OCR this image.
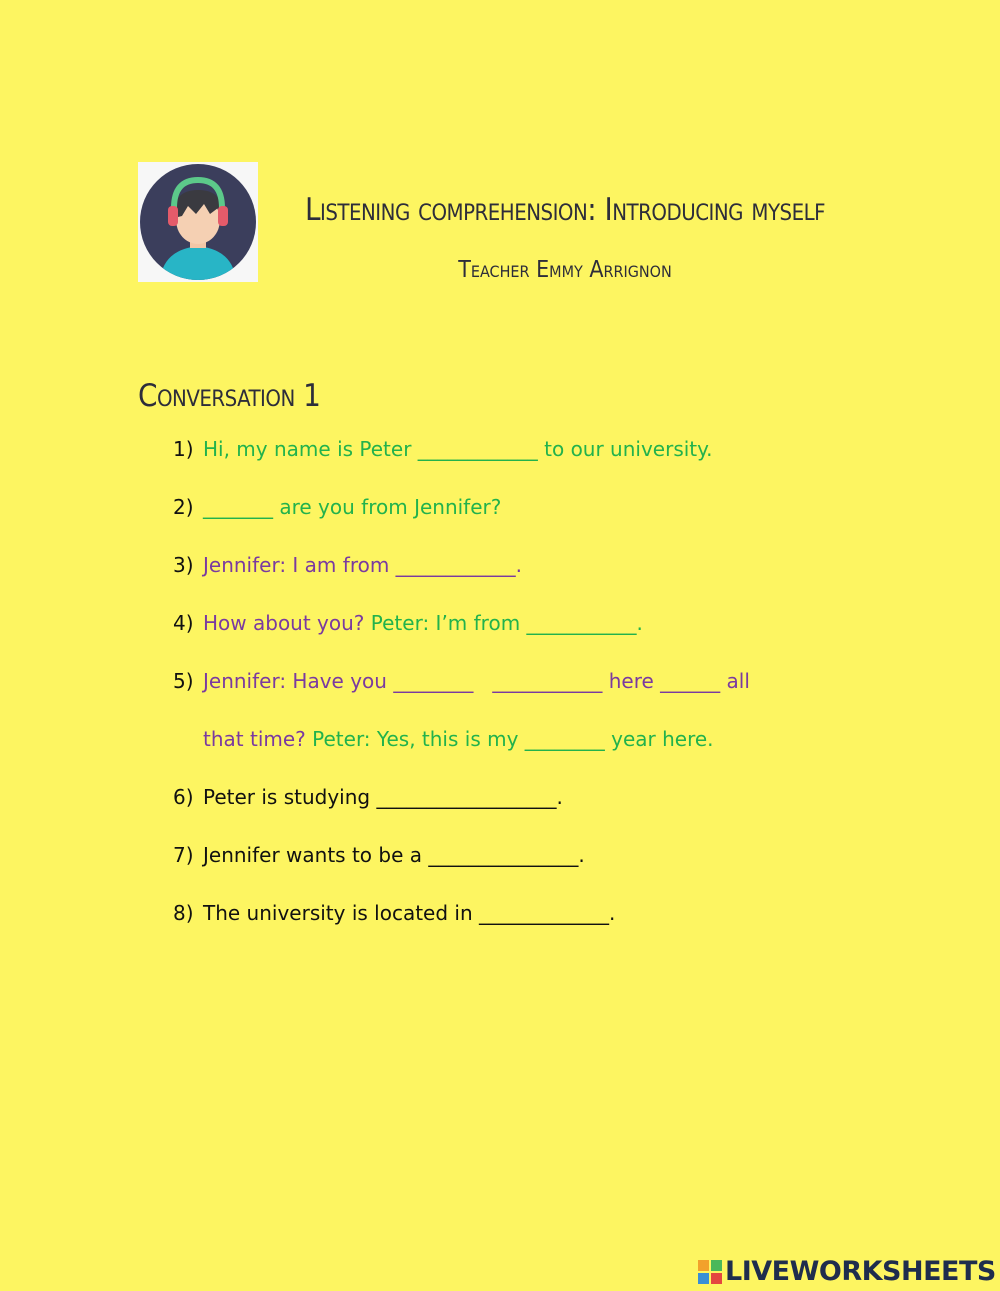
Listening comprehension: Introducing myself
Teacher Emmy Arrignon
Conversation 1
1) Hi, my name is Peter ____________ to our university.
2) _______ are you from Jennifer?
3) Jennifer: I am from ____________.
4) How about you? Peter: I’m from ___________.
5) Jennifer: Have you ________   ___________ here ______ all
that time? Peter: Yes, this is my ________ year here.
6) Peter is studying __________________.
7) Jennifer wants to be a _______________.
8) The university is located in _____________.
LIVEWORKSHEETS
